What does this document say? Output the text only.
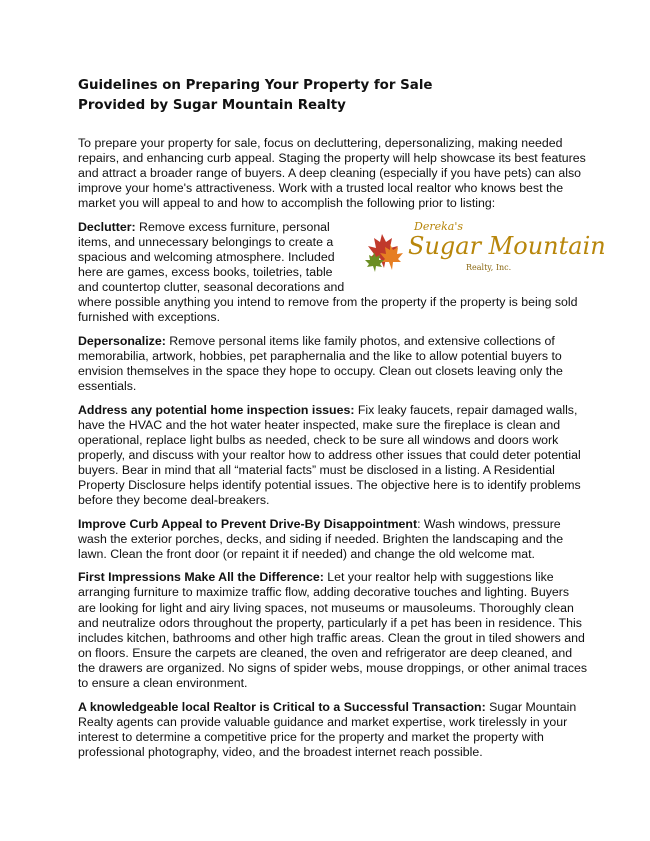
Guidelines on Preparing Your Property for Sale
Provided by Sugar Mountain Realty

To prepare your property for sale, focus on decluttering, depersonalizing, making needed repairs, and enhancing curb appeal. Staging the property will help showcase its best features and attract a broader range of buyers. A deep cleaning (especially if you have pets) can also improve your home's attractiveness. Work with a trusted local realtor who knows best the market you will appeal to and how to accomplish the following prior to listing:

Dereka's
Sugar Mountain
Realty, Inc.
Declutter: Remove excess furniture, personal items, and unnecessary belongings to create a spacious and welcoming atmosphere. Included here are games, excess books, toiletries, table and countertop clutter, seasonal decorations and where possible anything you intend to remove from the property if the property is being sold furnished with exceptions.

Depersonalize: Remove personal items like family photos, and extensive collections of memorabilia, artwork, hobbies, pet paraphernalia and the like to allow potential buyers to envision themselves in the space they hope to occupy. Clean out closets leaving only the essentials.

Address any potential home inspection issues: Fix leaky faucets, repair damaged walls, have the HVAC and the hot water heater inspected, make sure the fireplace is clean and operational, replace light bulbs as needed, check to be sure all windows and doors work properly, and discuss with your realtor how to address other issues that could deter potential buyers. Bear in mind that all “material facts” must be disclosed in a listing. A Residential Property Disclosure helps identify potential issues. The objective here is to identify problems before they become deal-breakers.

Improve Curb Appeal to Prevent Drive-By Disappointment: Wash windows, pressure wash the exterior porches, decks, and siding if needed. Brighten the landscaping and the lawn. Clean the front door (or repaint it if needed) and change the old welcome mat.

First Impressions Make All the Difference: Let your realtor help with suggestions like arranging furniture to maximize traffic flow, adding decorative touches and lighting. Buyers are looking for light and airy living spaces, not museums or mausoleums. Thoroughly clean and neutralize odors throughout the property, particularly if a pet has been in residence. This includes kitchen, bathrooms and other high traffic areas. Clean the grout in tiled showers and on floors. Ensure the carpets are cleaned, the oven and refrigerator are deep cleaned, and the drawers are organized. No signs of spider webs, mouse droppings, or other animal traces to ensure a clean environment.

A knowledgeable local Realtor is Critical to a Successful Transaction: Sugar Mountain Realty agents can provide valuable guidance and market expertise, work tirelessly in your interest to determine a competitive price for the property and market the property with professional photography, video, and the broadest internet reach possible.
